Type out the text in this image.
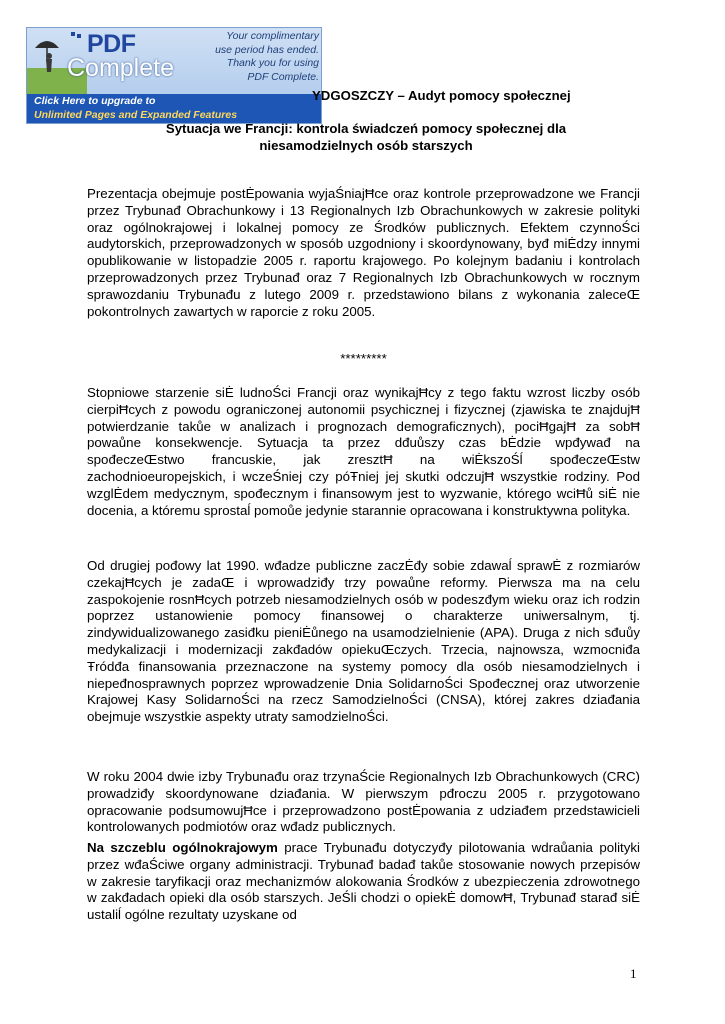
PDF
Complete
Your complimentary
use period has ended.
Thank you for using
PDF Complete.
Click Here to upgrade to
Unlimited Pages and Expanded Features
YDGOSZCZY – Audyt pomocy społecznej
Sytuacja we Francji: kontrola świadczeń pomocy społecznej dla
niesamodzielnych osób starszych

Prezentacja obejmuje postĖpowania wyjaŚniajĦce oraz kontrole przeprowadzone we Francji przez Trybunađ Obrachunkowy i 13 Regionalnych Izb Obrachunkowych w zakresie polityki oraz ogólnokrajowej i lokalnej pomocy ze Środków publicznych. Efektem czynnoŚci audytorskich, przeprowadzonych w sposób uzgodniony i skoordynowany, byđ miĖdzy innymi opublikowanie w listopadzie 2005 r. raportu krajowego. Po kolejnym badaniu i kontrolach przeprowadzonych przez Trybunađ oraz 7 Regionalnych Izb Obrachunkowych w rocznym sprawozdaniu Trybunađu z lutego 2009 r. przedstawiono bilans z wykonania zaleceŒ pokontrolnych zawartych w raporcie z roku 2005.

*********

Stopniowe starzenie siĖ ludnoŚci Francji oraz wynikajĦcy z tego faktu wzrost liczby osób cierpiĦcych z powodu ograniczonej autonomii psychicznej i fizycznej (zjawiska te znajdujĦ potwierdzanie takůe w analizach i prognozach demograficznych), pociĦgajĦ za sobĦ powaůne konsekwencje. Sytuacja ta przez dđuůszy czas bĖdzie wpđywađ na spođeczeŒstwo francuskie, jak zresztĦ na wiĖkszoŚĺ spođeczeŒstw zachodnioeuropejskich, i wczeŚniej czy póŦniej jej skutki odczujĦ wszystkie rodziny. Pod wzglĖdem medycznym, spođecznym i finansowym jest to wyzwanie, którego wciĦů siĖ nie docenia, a któremu sprostaĺ pomoůe jedynie starannie opracowana i konstruktywna polityka.

Od drugiej pođowy lat 1990. wđadze publiczne zaczĖđy sobie zdawaĺ sprawĖ z rozmiarów czekajĦcych je zadaŒ i wprowadziđy trzy powaůne reformy. Pierwsza ma na celu zaspokojenie rosnĦcych potrzeb niesamodzielnych osób w podeszđym wieku oraz ich rodzin poprzez ustanowienie pomocy finansowej o charakterze uniwersalnym, tj. zindywidualizowanego zasiđku pieniĖůnego na usamodzielnienie (APA). Druga z nich sđuůy medykalizacji i modernizacji zakđadów opiekuŒczych. Trzecia, najnowsza, wzmocniđa Ŧródđa finansowania przeznaczone na systemy pomocy dla osób niesamodzielnych i niepeđnosprawnych poprzez wprowadzenie Dnia SolidarnoŚci Spođecznej oraz utworzenie Krajowej Kasy SolidarnoŚci na rzecz SamodzielnoŚci (CNSA), której zakres dziađania obejmuje wszystkie aspekty utraty samodzielnoŚci.

W roku 2004 dwie izby Trybunađu oraz trzynaŚcie Regionalnych Izb Obrachunkowych (CRC) prowadziđy skoordynowane dziađania. W pierwszym pđroczu 2005 r. przygotowano opracowanie podsumowujĦce i przeprowadzono postĖpowania z udziađem przedstawicieli kontrolowanych podmiotów oraz wđadz publicznych.

Na szczeblu ogólnokrajowym prace Trybunađu dotyczyđy pilotowania wdraůania polityki przez wđaŚciwe organy administracji. Trybunađ badađ takůe stosowanie nowych przepisów w zakresie taryfikacji oraz mechanizmów alokowania Środków z ubezpieczenia zdrowotnego w zakđadach opieki dla osób starszych. JeŚli chodzi o opiekĖ domowĦ, Trybunađ starađ siĖ ustaliĺ ogólne rezultaty uzyskane od

1
